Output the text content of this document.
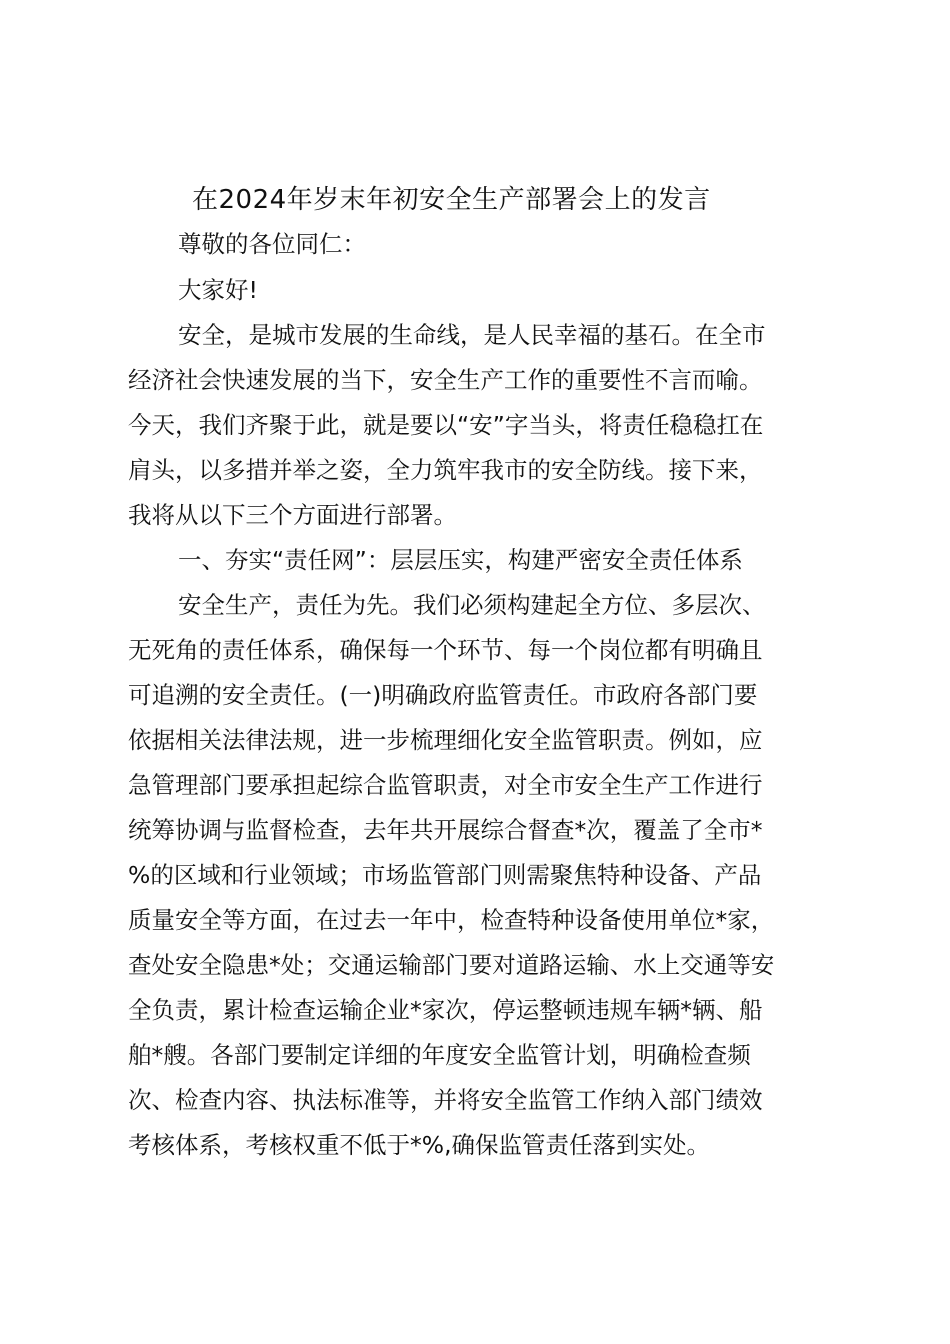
在2024年岁末年初安全生产部署会上的发言
尊敬的各位同仁：
大家好!
安全，是城市发展的生命线，是人民幸福的基石。在全市
经济社会快速发展的当下，安全生产工作的重要性不言而喻。
今天，我们齐聚于此，就是要以“安”字当头，将责任稳稳扛在
肩头，以多措并举之姿，全力筑牢我市的安全防线。接下来，
我将从以下三个方面进行部署。
一、夯实“责任网”：层层压实，构建严密安全责任体系
安全生产，责任为先。我们必须构建起全方位、多层次、
无死角的责任体系，确保每一个环节、每一个岗位都有明确且
可追溯的安全责任。(一)明确政府监管责任。市政府各部门要
依据相关法律法规，进一步梳理细化安全监管职责。例如，应
急管理部门要承担起综合监管职责，对全市安全生产工作进行
统筹协调与监督检查，去年共开展综合督查*次，覆盖了全市*
%的区域和行业领域；市场监管部门则需聚焦特种设备、产品
质量安全等方面，在过去一年中，检查特种设备使用单位*家，
查处安全隐患*处；交通运输部门要对道路运输、水上交通等安
全负责，累计检查运输企业*家次，停运整顿违规车辆*辆、船
舶*艘。各部门要制定详细的年度安全监管计划，明确检查频
次、检查内容、执法标准等，并将安全监管工作纳入部门绩效
考核体系，考核权重不低于*%,确保监管责任落到实处。
